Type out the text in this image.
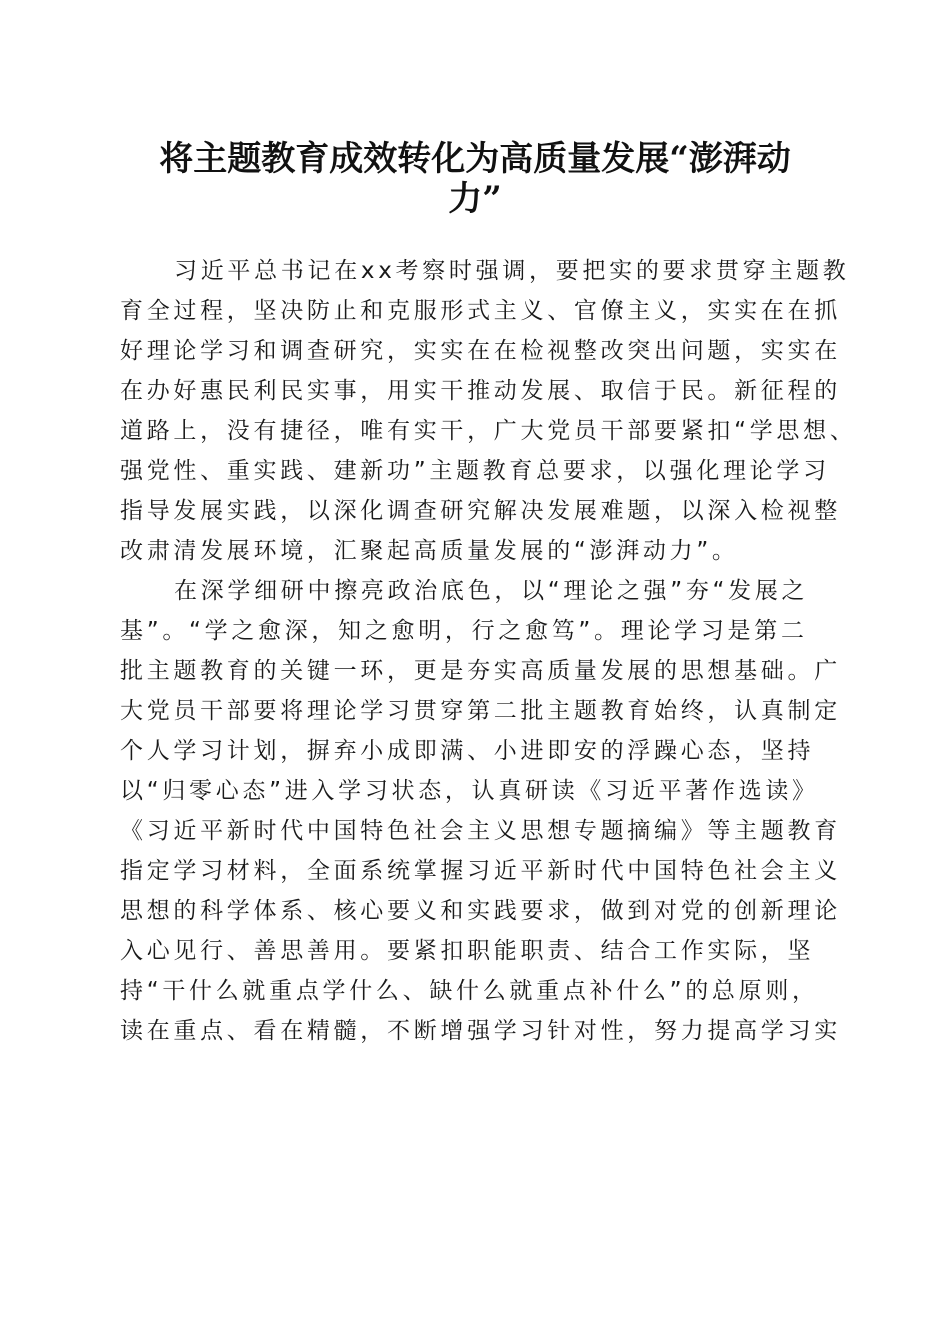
将主题教育成效转化为高质量发展“澎湃动
力”
习近平总书记在xx考察时强调，要把实的要求贯穿主题教
育全过程，坚决防止和克服形式主义、官僚主义，实实在在抓
好理论学习和调查研究，实实在在检视整改突出问题，实实在
在办好惠民利民实事，用实干推动发展、取信于民。新征程的
道路上，没有捷径，唯有实干，广大党员干部要紧扣“学思想、
强党性、重实践、建新功”主题教育总要求，以强化理论学习
指导发展实践，以深化调查研究解决发展难题，以深入检视整
改肃清发展环境，汇聚起高质量发展的“澎湃动力”。
在深学细研中擦亮政治底色，以“理论之强”夯“发展之
基”。“学之愈深，知之愈明，行之愈笃”。理论学习是第二
批主题教育的关键一环，更是夯实高质量发展的思想基础。广
大党员干部要将理论学习贯穿第二批主题教育始终，认真制定
个人学习计划，摒弃小成即满、小进即安的浮躁心态，坚持
以“归零心态”进入学习状态，认真研读《习近平著作选读》
《习近平新时代中国特色社会主义思想专题摘编》等主题教育
指定学习材料，全面系统掌握习近平新时代中国特色社会主义
思想的科学体系、核心要义和实践要求，做到对党的创新理论
入心见行、善思善用。要紧扣职能职责、结合工作实际，坚
持“干什么就重点学什么、缺什么就重点补什么”的总原则，
读在重点、看在精髓，不断增强学习针对性，努力提高学习实
